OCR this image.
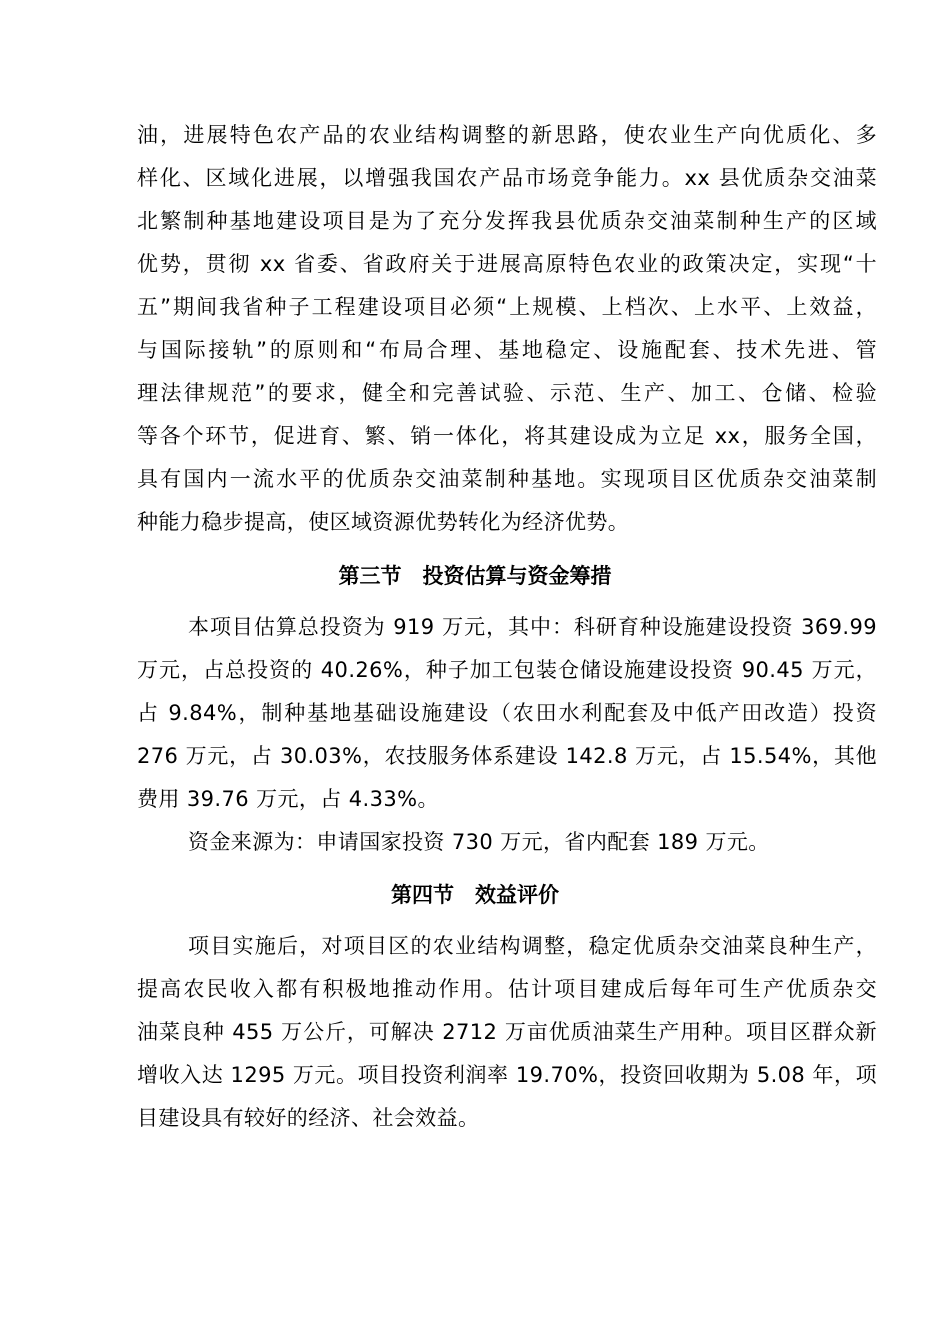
油，进展特色农产品的农业结构调整的新思路，使农业生产向优质化、多
样化、区域化进展，以增强我国农产品市场竞争能力。xx 县优质杂交油菜
北繁制种基地建设项目是为了充分发挥我县优质杂交油菜制种生产的区域
优势，贯彻 xx 省委、省政府关于进展高原特色农业的政策决定，实现“十
五”期间我省种子工程建设项目必须“上规模、上档次、上水平、上效益，
与国际接轨”的原则和“布局合理、基地稳定、设施配套、技术先进、管
理法律规范”的要求，健全和完善试验、示范、生产、加工、仓储、检验
等各个环节，促进育、繁、销一体化，将其建设成为立足 xx，服务全国，
具有国内一流水平的优质杂交油菜制种基地。实现项目区优质杂交油菜制
种能力稳步提高，使区域资源优势转化为经济优势。
第三节　投资估算与资金筹措
本项目估算总投资为 919 万元，其中：科研育种设施建设投资 369.99
万元，占总投资的 40.26%，种子加工包装仓储设施建设投资 90.45 万元，
占 9.84%，制种基地基础设施建设（农田水利配套及中低产田改造）投资
276 万元，占 30.03%，农技服务体系建设 142.8 万元，占 15.54%，其他
费用 39.76 万元，占 4.33%。
资金来源为：申请国家投资 730 万元，省内配套 189 万元。
第四节　效益评价
项目实施后，对项目区的农业结构调整，稳定优质杂交油菜良种生产，
提高农民收入都有积极地推动作用。估计项目建成后每年可生产优质杂交
油菜良种 455 万公斤，可解决 2712 万亩优质油菜生产用种。项目区群众新
增收入达 1295 万元。项目投资利润率 19.70%，投资回收期为 5.08 年，项
目建设具有较好的经济、社会效益。
